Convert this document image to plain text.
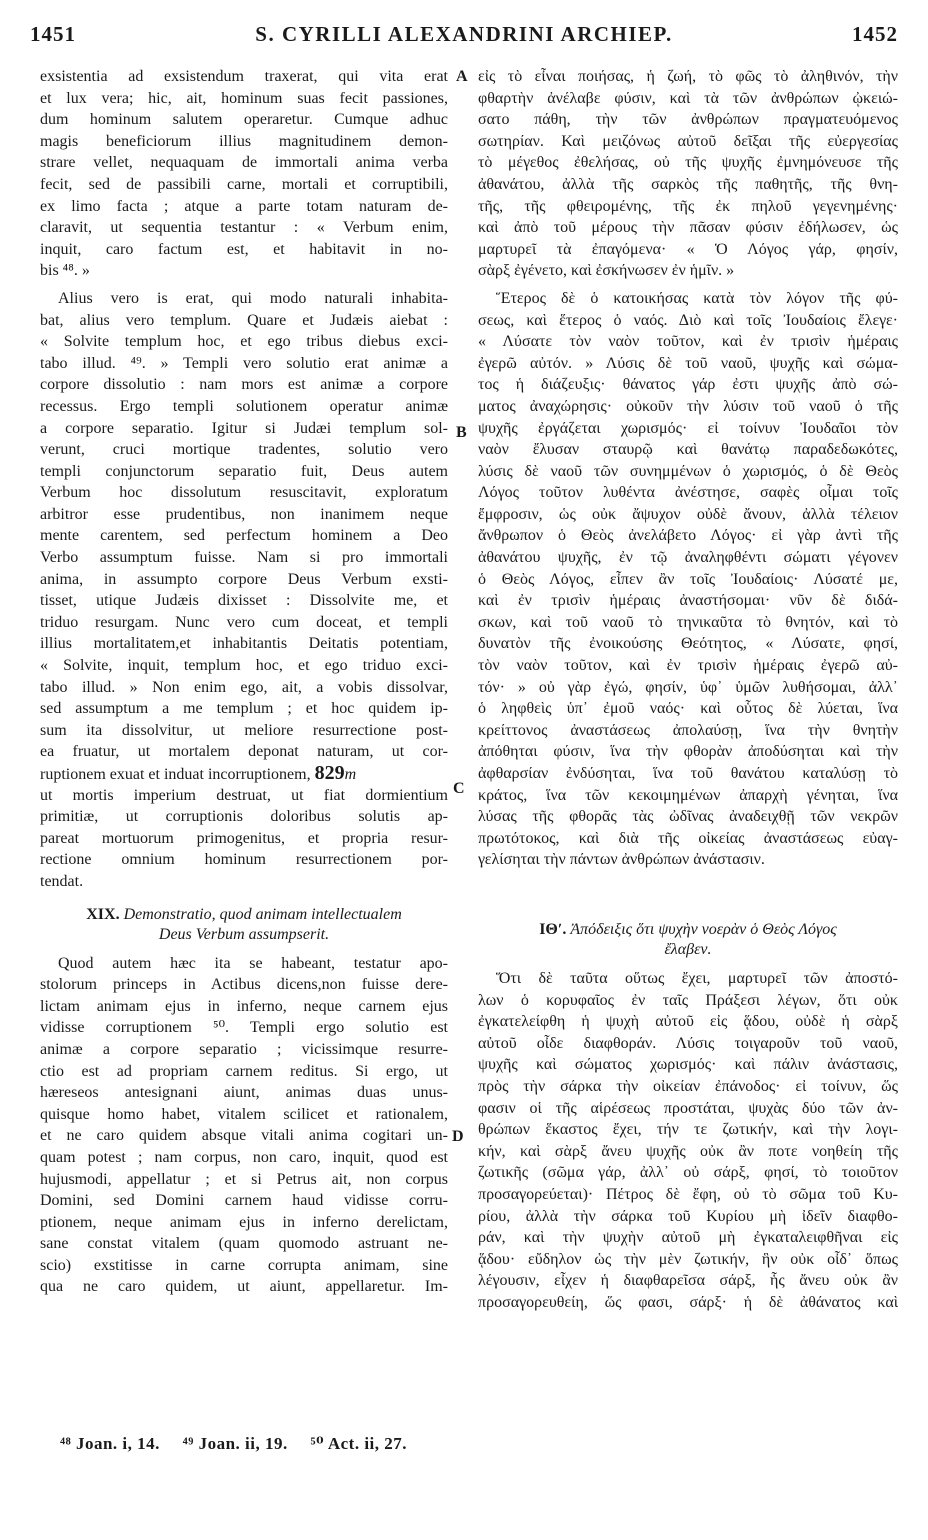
1451	S. CYRILLI ALEXANDRINI ARCHIEP.	1452
A
B
C
D
exsistentia ad exsistendum traxerat, qui vita erat
et lux vera; hic, ait, hominum suas fecit passiones,
dum hominum salutem operaretur. Cumque adhuc
magis beneficiorum illius magnitudinem demon-
strare vellet, nequaquam de immortali anima verba
fecit, sed de passibili carne, mortali et corruptibili,
ex limo facta ; atque a parte totam naturam de-
claravit, ut sequentia testantur : « Verbum enim,
inquit, caro factum est, et habitavit in no-
bis ⁴⁸. »
Alius vero is erat, qui modo naturali inhabita-
bat, alius vero templum. Quare et Judæis aiebat :
« Solvite templum hoc, et ego tribus diebus exci-
tabo illud. ⁴⁹. » Templi vero solutio erat animæ a
corpore dissolutio : nam mors est animæ a corpore
recessus. Ergo templi solutionem operatur animæ
a corpore separatio. Igitur si Judæi templum sol-
verunt, cruci mortique tradentes, solutio vero
templi conjunctorum separatio fuit, Deus autem
Verbum hoc dissolutum resuscitavit, exploratum
arbitror esse prudentibus, non inanimem neque
mente carentem, sed perfectum hominem a Deo
Verbo assumptum fuisse. Nam si pro immortali
anima, in assumpto corpore Deus Verbum exsti-
tisset, utique Judæis dixisset : Dissolvite me, et
triduo resurgam. Nunc vero cum doceat, et templi
illius mortalitatem,et inhabitantis Deitatis potentiam,
« Solvite, inquit, templum hoc, et ego triduo exci-
tabo illud. » Non enim ego, ait, a vobis dissolvar,
sed assumptum a me templum ; et hoc quidem ip-
sum ita dissolvitur, ut meliore resurrectione post-
ea fruatur, ut mortalem deponat naturam, ut cor-
ruptionem exuat et induat incorruptionem, 829m
ut mortis imperium destruat, ut fiat dormientium
primitiæ, ut corruptionis doloribus solutis ap-
pareat mortuorum primogenitus, et propria resur-
rectione omnium hominum resurrectionem por-
tendat.
XIX. Demonstratio, quod animam intellectualem
Deus Verbum assumpserit.
Quod autem hæc ita se habeant, testatur apo-
stolorum princeps in Actibus dicens,non fuisse dere-
lictam animam ejus in inferno, neque carnem ejus
vidisse corruptionem ⁵⁰. Templi ergo solutio est
animæ a corpore separatio ; vicissimque resurre-
ctio est ad propriam carnem reditus. Si ergo, ut
hæreseos antesignani aiunt, animas duas unus-
quisque homo habet, vitalem scilicet et rationalem,
et ne caro quidem absque vitali anima cogitari un-
quam potest ; nam corpus, non caro, inquit, quod est
hujusmodi, appellatur ; et si Petrus ait, non corpus
Domini, sed Domini carnem haud vidisse corru-
ptionem, neque animam ejus in inferno derelictam,
sane constat vitalem (quam quomodo astruant ne-
scio) exstitisse in carne corrupta animam, sine
qua ne caro quidem, ut aiunt, appellaretur. Im-
εἰς τὸ εἶναι ποιήσας, ἡ ζωή, τὸ φῶς τὸ ἀληθινόν, τὴν
φθαρτὴν ἀνέλαβε φύσιν, καὶ τὰ τῶν ἀνθρώπων ᾠκειώ-
σατο πάθη, τὴν τῶν ἀνθρώπων πραγματευόμενος
σωτηρίαν. Καὶ μειζόνως αὐτοῦ δεῖξαι τῆς εὐεργεσίας
τὸ μέγεθος ἐθελήσας, οὐ τῆς ψυχῆς ἐμνημόνευσε τῆς
ἀθανάτου, ἀλλὰ τῆς σαρκὸς τῆς παθητῆς, τῆς θνη-
τῆς, τῆς φθειρομένης, τῆς ἐκ πηλοῦ γεγενημένης·
καὶ ἀπὸ τοῦ μέρους τὴν πᾶσαν φύσιν ἐδήλωσεν, ὡς
μαρτυρεῖ τὰ ἐπαγόμενα· « Ὁ Λόγος γάρ, φησίν,
σὰρξ ἐγένετο, καὶ ἐσκήνωσεν ἐν ἡμῖν. »
Ἕτερος δὲ ὁ κατοικήσας κατὰ τὸν λόγον τῆς φύ-
σεως, καὶ ἕτερος ὁ ναός. Διὸ καὶ τοῖς Ἰουδαίοις ἔλεγε·
« Λύσατε τὸν ναὸν τοῦτον, καὶ ἐν τρισὶν ἡμέραις
ἐγερῶ αὐτόν. » Λύσις δὲ τοῦ ναοῦ, ψυχῆς καὶ σώμα-
τος ἡ διάζευξις· θάνατος γάρ ἐστι ψυχῆς ἀπὸ σώ-
ματος ἀναχώρησις· οὐκοῦν τὴν λύσιν τοῦ ναοῦ ὁ τῆς
ψυχῆς ἐργάζεται χωρισμός· εἰ τοίνυν Ἰουδαῖοι τὸν
ναὸν ἔλυσαν σταυρῷ καὶ θανάτῳ παραδεδωκότες,
λύσις δὲ ναοῦ τῶν συνημμένων ὁ χωρισμός, ὁ δὲ Θεὸς
Λόγος τοῦτον λυθέντα ἀνέστησε, σαφὲς οἶμαι τοῖς
ἔμφροσιν, ὡς οὐκ ἄψυχον οὐδὲ ἄνουν, ἀλλὰ τέλειον
ἄνθρωπον ὁ Θεὸς ἀνελάβετο Λόγος· εἰ γὰρ ἀντὶ τῆς
ἀθανάτου ψυχῆς, ἐν τῷ ἀναληφθέντι σώματι γέγονεν
ὁ Θεὸς Λόγος, εἶπεν ἂν τοῖς Ἰουδαίοις· Λύσατέ με,
καὶ ἐν τρισὶν ἡμέραις ἀναστήσομαι· νῦν δὲ διδά-
σκων, καὶ τοῦ ναοῦ τὸ τηνικαῦτα τὸ θνητόν, καὶ τὸ
δυνατὸν τῆς ἐνοικούσης Θεότητος, « Λύσατε, φησί,
τὸν ναὸν τοῦτον, καὶ ἐν τρισὶν ἡμέραις ἐγερῶ αὐ-
τόν· » οὐ γὰρ ἐγώ, φησίν, ὑφ᾽ ὑμῶν λυθήσομαι, ἀλλ᾽
ὁ ληφθεὶς ὑπ᾽ ἐμοῦ ναός· καὶ οὗτος δὲ λύεται, ἵνα
κρείττονος ἀναστάσεως ἀπολαύσῃ, ἵνα τὴν θνητὴν
ἀπόθηται φύσιν, ἵνα τὴν φθορὰν ἀποδύσηται καὶ τὴν
ἀφθαρσίαν ἐνδύσηται, ἵνα τοῦ θανάτου καταλύσῃ τὸ
κράτος, ἵνα τῶν κεκοιμημένων ἀπαρχὴ γένηται, ἵνα
λύσας τῆς φθορᾶς τὰς ὠδῖνας ἀναδειχθῇ τῶν νεκρῶν
πρωτότοκος, καὶ διὰ τῆς οἰκείας ἀναστάσεως εὐαγ-
γελίσηται τὴν πάντων ἀνθρώπων ἀνάστασιν.
ΙΘʹ. Ἀπόδειξις ὅτι ψυχὴν νοερὰν ὁ Θεὸς Λόγος
ἔλαβεν.
Ὅτι δὲ ταῦτα οὕτως ἔχει, μαρτυρεῖ τῶν ἀποστό-
λων ὁ κορυφαῖος ἐν ταῖς Πράξεσι λέγων, ὅτι οὐκ
ἐγκατελείφθη ἡ ψυχὴ αὐτοῦ εἰς ᾅδου, οὐδὲ ἡ σὰρξ
αὐτοῦ οἶδε διαφθοράν. Λύσις τοιγαροῦν τοῦ ναοῦ,
ψυχῆς καὶ σώματος χωρισμός· καὶ πάλιν ἀνάστασις,
πρὸς τὴν σάρκα τὴν οἰκείαν ἐπάνοδος· εἰ τοίνυν, ὥς
φασιν οἱ τῆς αἱρέσεως προστάται, ψυχὰς δύο τῶν ἀν-
θρώπων ἕκαστος ἔχει, τήν τε ζωτικήν, καὶ τὴν λογι-
κήν, καὶ σὰρξ ἄνευ ψυχῆς οὐκ ἂν ποτε νοηθείη τῆς
ζωτικῆς (σῶμα γάρ, ἀλλ᾽ οὐ σάρξ, φησί, τὸ τοιοῦτον
προσαγορεύεται)· Πέτρος δὲ ἔφη, οὐ τὸ σῶμα τοῦ Κυ-
ρίου, ἀλλὰ τὴν σάρκα τοῦ Κυρίου μὴ ἰδεῖν διαφθο-
ράν, καὶ τὴν ψυχὴν αὐτοῦ μὴ ἐγκαταλειφθῆναι εἰς
ᾅδου· εὔδηλον ὡς τὴν μὲν ζωτικήν, ἣν οὐκ οἶδ᾽ ὅπως
λέγουσιν, εἶχεν ἡ διαφθαρεῖσα σάρξ, ἧς ἄνευ οὐκ ἂν
προσαγορευθείη, ὥς φασι, σάρξ· ἡ δὲ ἀθάνατος καὶ
⁴⁸ Joan. i, 14. ⁴⁹ Joan. ii, 19. ⁵⁰ Act. ii, 27.
